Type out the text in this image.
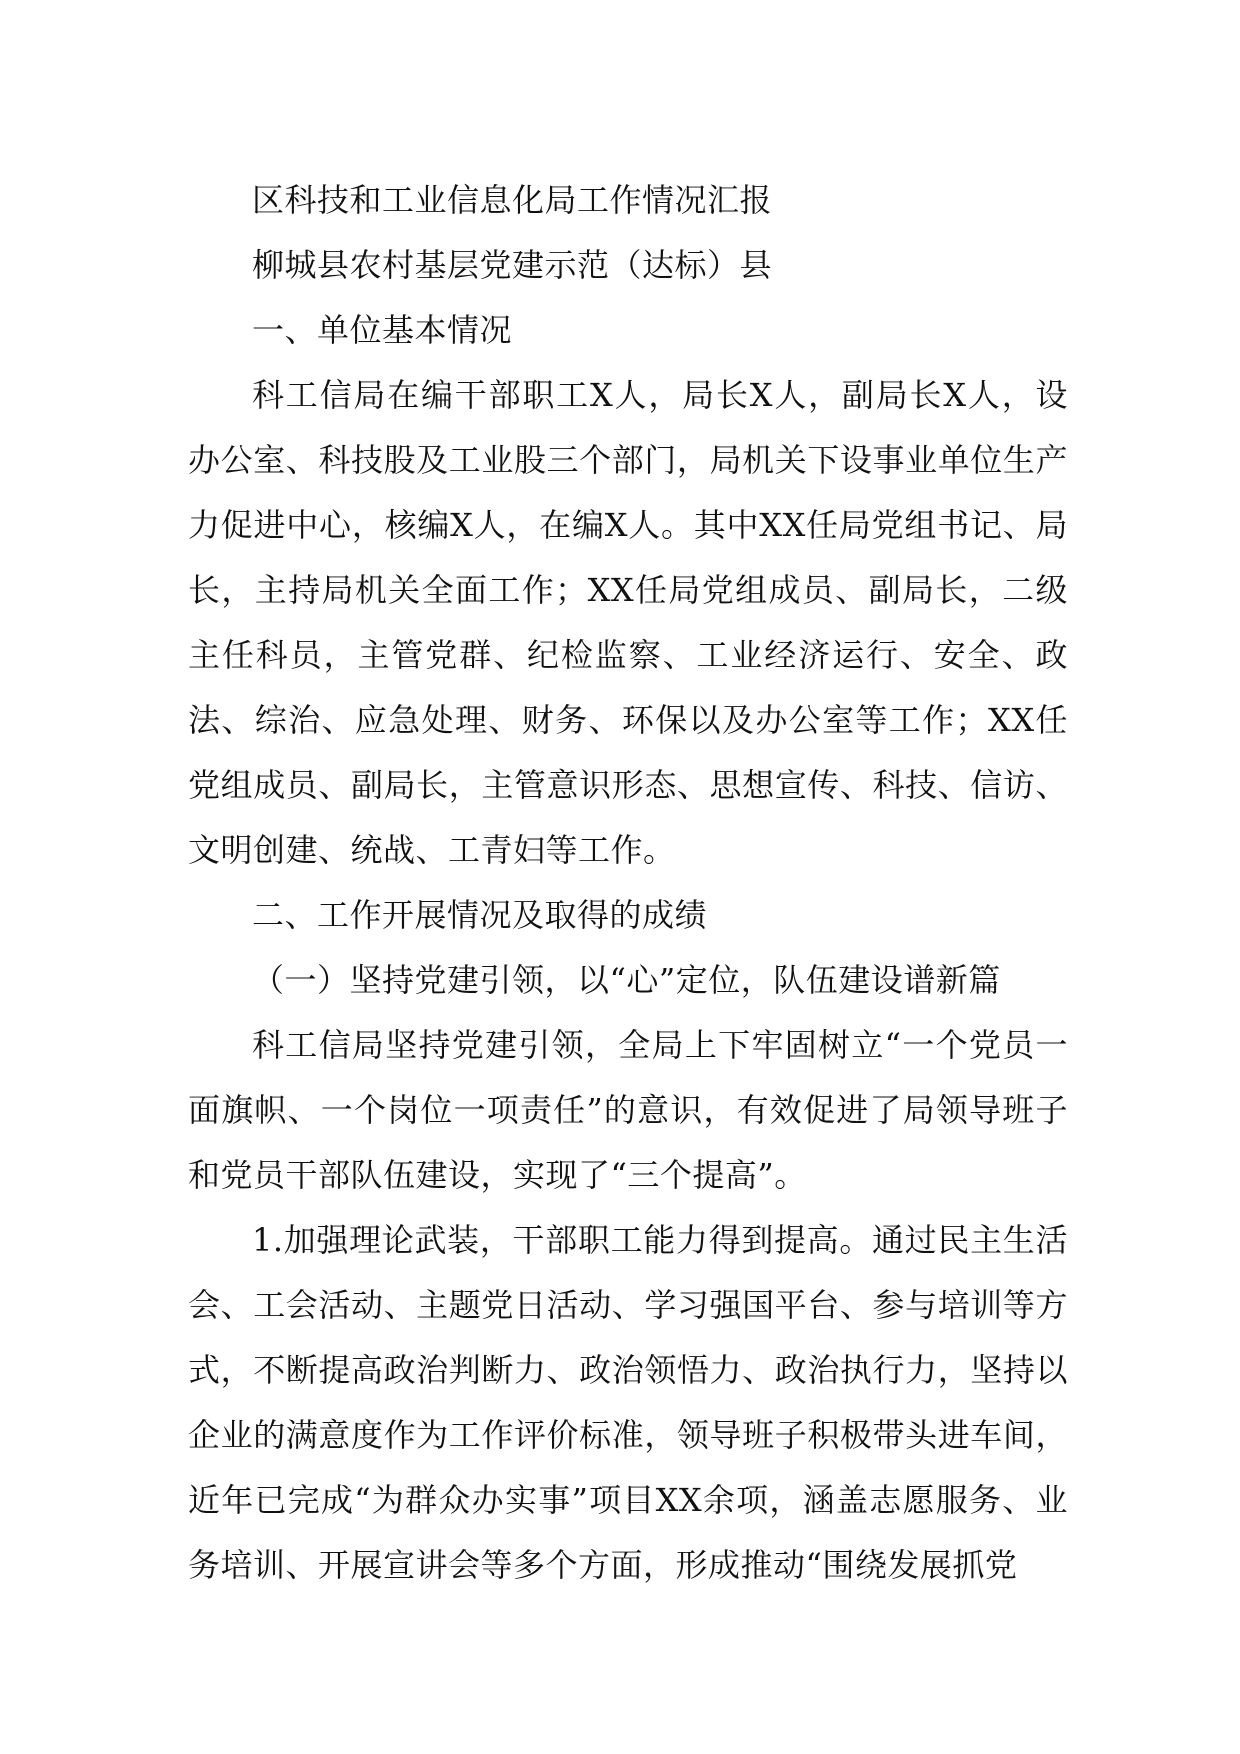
区科技和工业信息化局工作情况汇报

柳城县农村基层党建示范（达标）县

一、单位基本情况

科工信局在编干部职工X人，局长X人，副局长X人，设办公室、科技股及工业股三个部门，局机关下设事业单位生产力促进中心，核编X人，在编X人。其中XX任局党组书记、局长，主持局机关全面工作；XX任局党组成员、副局长，二级主任科员，主管党群、纪检监察、工业经济运行、安全、政法、综治、应急处理、财务、环保以及办公室等工作；XX任党组成员、副局长，主管意识形态、思想宣传、科技、信访、文明创建、统战、工青妇等工作。

二、工作开展情况及取得的成绩

（一）坚持党建引领，以“心”定位，队伍建设谱新篇

科工信局坚持党建引领，全局上下牢固树立“一个党员一面旗帜、一个岗位一项责任”的意识，有效促进了局领导班子和党员干部队伍建设，实现了“三个提高”。

1.加强理论武装，干部职工能力得到提高。通过民主生活会、工会活动、主题党日活动、学习强国平台、参与培训等方式，不断提高政治判断力、政治领悟力、政治执行力，坚持以企业的满意度作为工作评价标准，领导班子积极带头进车间，近年已完成“为群众办实事”项目XX余项，涵盖志愿服务、业务培训、开展宣讲会等多个方面，形成推动“围绕发展抓党
